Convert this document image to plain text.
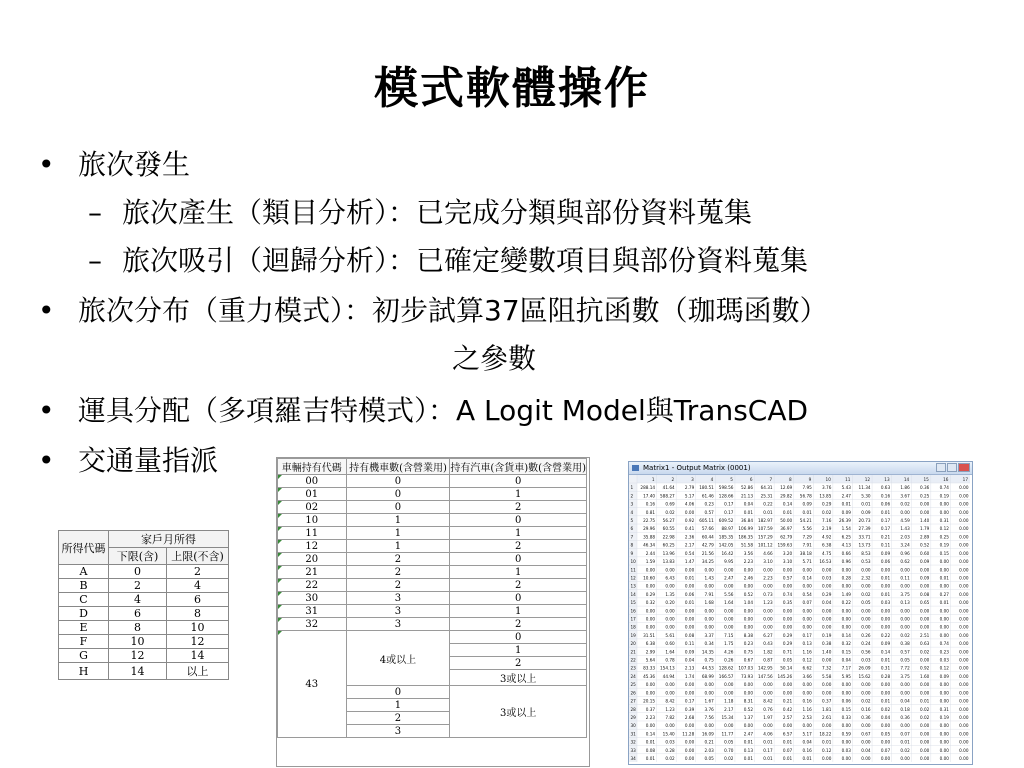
模式軟體操作
• 旅次發生
– 旅次產生（類目分析）：已完成分類與部份資料蒐集
– 旅次吸引（迴歸分析）：已確定變數項目與部份資料蒐集
• 旅次分布（重力模式）：初步試算37區阻抗函數（珈瑪函數）
之參數
• 運具分配（多項羅吉特模式）：A Logit Model與TransCAD
• 交通量指派
所得代碼	家戶月所得	
	下限(含)	上限(不含)
A	0	2
B	2	4
C	4	6
D	6	8
E	8	10
F	10	12
G	12	14
H	14	以上
車輛持有代碼	持有機車數(含營業用)	持有汽車(含貨車)數(含營業用)
00	0	0
01	0	1
02	0	2
10	1	0
11	1	1
12	1	2
20	2	0
21	2	1
22	2	2
30	3	0
31	3	1
32	3	2
43	4或以上	0
		1
		2
		3或以上
	0	3或以上
	1	
	2	
	3	
Matrix1 - Output Matrix (0001)
1	2	3	4	5	6	7	8	9	10	11	12	13	14	15	16	17
1 288.14 41.64 2.79 180.51 598.56 52.86 64.31 12.69 7.95 3.76 5.43 11.34 0.63 1.86 0.36 0.74 0.00
2 17.40 588.27 5.17 61.46 128.66 21.13 25.31 29.82 56.78 13.85 2.47 5.30 0.16 3.67 0.25 0.19 0.00
3	0.16 0.69 4.06 0.23 0.17 0.04 0.22 0.14 0.09 0.29 0.01 0.01 0.06 0.02 0.00 0.00 0.00
4	0.81 0.02 0.00 0.57 0.17 0.01 0.01 0.01 0.01 0.02 0.09 0.09 0.01 0.00 0.00 0.00 0.00
5 22.75 56.27 0.92 605.11 609.52 36.84 182.97 50.00 54.21 7.16 26.39 20.73 0.17 4.59 1.40 0.31 0.00
6 29.96 60.55 0.41 57.66 88.97 106.99 107.59 36.97 5.56 2.19 1.54 27.39 0.17 1.43 1.79 0.12 0.00
7 35.88 22.98 2.36 60.44 185.35 186.35 157.29 62.79 7.29 4.92 6.25 33.71 0.21 2.03 2.89 0.25 0.00
8 46.34 60.25 2.17 42.79 142.05 51.58 101.12 159.63 7.91 6.38 4.13 13.73 0.11 3.24 0.52 0.19 0.00
9	2.44 13.96 0.54 21.56 16.42 3.56 4.66 3.20 38.18 4.75 0.66 8.53 0.09 0.96 0.60 0.15 0.00
10 1.59 13.83 1.47 34.25 9.95 2.23 3.10 3.10 5.71 16.53 0.96 0.53 0.06 0.62 0.09 0.00 0.00
11 0.00 0.00 0.00 0.00 0.00 0.00 0.00 0.00 0.00 0.00 0.00 0.00 0.00 0.00 0.00 0.00 0.00
12 10.60 6.43 0.01 1.43 2.47 2.46 2.23 0.57 0.14 0.03 0.28 2.32 0.01 0.11 0.09 0.01 0.00
13 0.00 0.00 0.00 0.00 0.00 0.00 0.00 0.00 0.00 0.00 0.00 0.00 0.00 0.00 0.00 0.00 0.00
14 0.29 1.35 0.06 7.91 5.56 0.52 0.73 0.74 0.54 0.29 1.49 0.02 0.01 3.75 0.08 0.27 0.00
15 0.32 0.20 0.01 1.68 1.64 1.04 1.23 0.35 0.07 0.04 0.22 0.05 0.03 0.13 0.65 0.01 0.00
16 0.00 0.00 0.00 0.00 0.00 0.00 0.00 0.00 0.00 0.00 0.00 0.00 0.00 0.00 0.00 0.00 0.00
17 0.00 0.00 0.00 0.00 0.00 0.00 0.00 0.00 0.00 0.00 0.00 0.00 0.00 0.00 0.00 0.00 0.00
18 0.00 0.00 0.00 0.00 0.00 0.00 0.00 0.00 0.00 0.00 0.00 0.00 0.00 0.00 0.00 0.00 0.00
19 31.51 5.61 0.08 3.37 7.15 8.38 6.27 0.29 0.17 0.19 0.14 0.26 0.22 0.02 2.51 0.00 0.00
20 6.38 0.60 0.11 0.34 1.75 0.23 0.43 0.29 0.13 0.38 0.32 0.24 0.09 0.38 0.63 0.74 0.00
21 2.99 1.64 0.09 14.35 4.26 0.75 1.82 0.71 1.16 1.40 0.15 0.56 0.14 0.57 0.02 0.23 0.00
22 5.64 0.78 0.04 0.75 0.26 0.67 0.87 0.05 0.12 0.00 0.04 0.03 0.01 0.05 0.00 0.03 0.00
23 83.33 154.13 2.13 44.53 128.62 107.03 142.95 50.14 6.62 7.32 7.17 26.09 0.31 7.72 0.92 0.12 0.00
24 45.36 44.94 1.74 68.99 166.57 73.93 147.56 145.26 3.66 5.58 5.95 15.62 0.28 3.75 1.60 0.09 0.00
25 0.00 0.00 0.00 0.00 0.00 0.00 0.00 0.00 0.00 0.00 0.00 0.00 0.00 0.00 0.00 0.00 0.00
26 0.00 0.00 0.00 0.00 0.00 0.00 0.00 0.00 0.00 0.00 0.00 0.00 0.00 0.00 0.00 0.00 0.00
27 20.15 8.42 0.17 1.67 1.18 8.31 8.42 0.21 0.16 0.37 0.06 0.02 0.01 0.04 0.01 0.00 0.00
28 0.37 1.23 0.39 3.76 2.17 0.52 0.76 0.42 1.16 1.81 0.15 0.16 0.02 0.18 0.02 0.31 0.00
29 2.23 7.82 2.68 7.56 15.34 1.37 1.97 2.57 2.53 2.61 0.33 0.36 0.04 0.36 0.02 0.19 0.00
30 0.00 0.00 0.00 0.00 0.00 0.00 0.00 0.00 0.00 0.00 0.00 0.00 0.00 0.00 0.00 0.00 0.00
31 0.14 15.40 11.28 16.09 11.77 2.47 4.06 6.57 5.17 18.22 0.59 0.67 0.05 0.07 0.00 0.00 0.00
32 0.01 0.03 0.00 0.21 0.05 0.01 0.01 0.01 0.04 0.01 0.00 0.00 0.00 0.01 0.00 0.00 0.00
33 0.08 0.28 0.00 2.03 0.70 0.13 0.17 0.07 0.16 0.12 0.03 0.04 0.07 0.02 0.00 0.00 0.00
34 0.01 0.02 0.00 0.05 0.02 0.01 0.01 0.01 0.01 0.00 0.00 0.00 0.00 0.00 0.00 0.00 0.00
